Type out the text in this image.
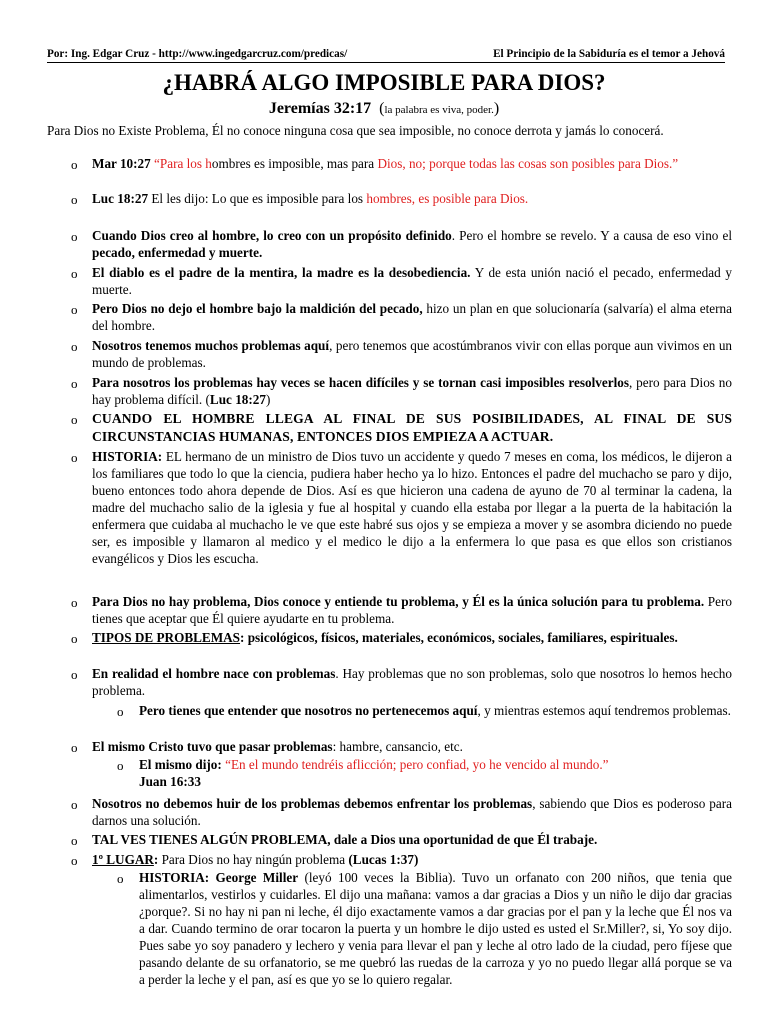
Por: Ing. Edgar Cruz - http://www.ingedgarcruz.com/predicas/	El Principio de la Sabiduría es el temor a Jehová
¿HABRÁ ALGO IMPOSIBLE PARA DIOS?
Jeremías 32:17  (la palabra es viva, poder.)
Para Dios no Existe Problema, Él no conoce ninguna cosa que sea imposible, no conoce derrota y jamás lo conocerá.
o Mar 10:27 “Para los hombres es imposible, mas para Dios, no; porque todas las cosas son posibles para Dios.”
o Luc 18:27 El les dijo: Lo que es imposible para los hombres, es posible para Dios.
o Cuando Dios creo al hombre, lo creo con un propósito definido. Pero el hombre se revelo. Y a causa de eso vino el pecado, enfermedad y muerte.
o El diablo es el padre de la mentira, la madre es la desobediencia. Y de esta unión nació el pecado, enfermedad y muerte.
o Pero Dios no dejo el hombre bajo la maldición del pecado, hizo un plan en que solucionaría (salvaría) el alma eterna del hombre.
o Nosotros tenemos muchos problemas aquí, pero tenemos que acostúmbranos vivir con ellas porque aun vivimos en un mundo de problemas.
o Para nosotros los problemas hay veces se hacen difíciles y se tornan casi imposibles resolverlos, pero para Dios no hay problema difícil. (Luc 18:27)
o CUANDO EL HOMBRE LLEGA AL FINAL DE SUS POSIBILIDADES, AL FINAL DE SUS CIRCUNSTANCIAS HUMANAS, ENTONCES DIOS EMPIEZA A ACTUAR.
o HISTORIA: EL hermano de un ministro de Dios tuvo un accidente y quedo 7 meses en coma, los médicos, le dijeron a los familiares que todo lo que la ciencia, pudiera haber hecho ya lo hizo. Entonces el padre del muchacho se paro y dijo, bueno entonces todo ahora depende de Dios. Así es que hicieron una cadena de ayuno de 70 al terminar la cadena, la madre del muchacho salio de la iglesia y fue al hospital y cuando ella estaba por llegar a la puerta de la habitación la enfermera que cuidaba al muchacho le ve que este habré sus ojos y se empieza a mover y se asombra diciendo no puede ser, es imposible y llamaron al medico y el medico le dijo a la enfermera lo que pasa es que ellos son cristianos evangélicos y Dios les escucha.
o Para Dios no hay problema, Dios conoce y entiende tu problema, y Él es la única solución para tu problema. Pero tienes que aceptar que Él quiere ayudarte en tu problema.
o TIPOS DE PROBLEMAS: psicológicos, físicos, materiales, económicos, sociales, familiares, espirituales.
o En realidad el hombre nace con problemas. Hay problemas que no son problemas, solo que nosotros lo hemos hecho problema.
o Pero tienes que entender que nosotros no pertenecemos aquí, y mientras estemos aquí tendremos problemas.
o El mismo Cristo tuvo que pasar problemas: hambre, cansancio, etc.
o El mismo dijo: “En el mundo tendréis aflicción; pero confiad, yo he vencido al mundo.”
Juan 16:33
o Nosotros no debemos huir de los problemas debemos enfrentar los problemas, sabiendo que Dios es poderoso para darnos una solución.
o TAL VES TIENES ALGÚN PROBLEMA, dale a Dios una oportunidad de que Él trabaje.
o 1º LUGAR: Para Dios no hay ningún problema (Lucas 1:37)
o HISTORIA: George Miller (leyó 100 veces la Biblia). Tuvo un orfanato con 200 niños, que tenia que alimentarlos, vestirlos y cuidarles. El dijo una mañana: vamos a dar gracias a Dios y un niño le dijo dar gracias ¿porque?. Si no hay ni pan ni leche, él dijo exactamente vamos a dar gracias por el pan y la leche que Él nos va a dar. Cuando termino de orar tocaron la puerta y un hombre le dijo usted es usted el Sr.Miller?, si, Yo soy dijo. Pues sabe yo soy panadero y lechero y venia para llevar el pan y leche al otro lado de la ciudad, pero fíjese que pasando delante de su orfanatorio, se me quebró las ruedas de la carroza y yo no puedo llegar allá porque se va a perder la leche y el pan, así es que yo se lo quiero regalar.
